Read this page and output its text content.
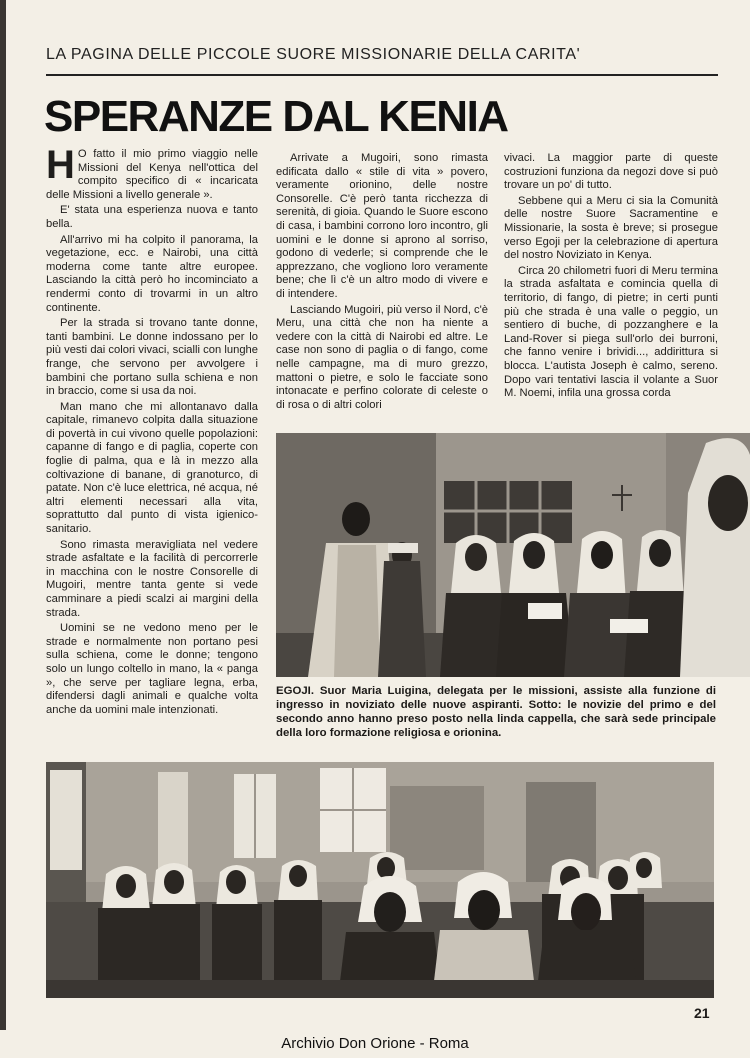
LA PAGINA DELLE PICCOLE SUORE MISSIONARIE DELLA CARITA'
SPERANZE DAL KENIA

H O fatto il mio primo viaggio nelle Missioni del Kenya nell'ottica del compito specifico di « incaricata delle Missioni a livello generale ».

E' stata una esperienza nuova e tanto bella.

All'arrivo mi ha colpito il panorama, la vegetazione, ecc. e Nairobi, una città moderna come tante altre europee. Lasciando la città però ho incominciato a rendermi conto di trovarmi in un altro continente.

Per la strada si trovano tante donne, tanti bambini. Le donne indossano per lo più vesti dai colori vivaci, scialli con lunghe frange, che servono per avvolgere i bambini che portano sulla schiena e non in braccio, come si usa da noi.

Man mano che mi allontanavo dalla capitale, rimanevo colpita dalla situazione di povertà in cui vivono quelle popolazioni: capanne di fango e di paglia, coperte con foglie di palma, qua e là in mezzo alla coltivazione di banane, di granoturco, di patate. Non c'è luce elettrica, né acqua, né altri elementi necessari alla vita, soprattutto dal punto di vista igienico-sanitario.

Sono rimasta meravigliata nel vedere strade asfaltate e la facilità di percorrerle in macchina con le nostre Consorelle di Mugoiri, mentre tanta gente si vede camminare a piedi scalzi ai margini della strada.

Uomini se ne vedono meno per le strade e normalmente non portano pesi sulla schiena, come le donne; tengono solo un lungo coltello in mano, la « panga », che serve per tagliare legna, erba, difendersi dagli animali e qualche volta anche da uomini male intenzionati.

Arrivate a Mugoiri, sono rimasta edificata dallo « stile di vita » povero, veramente orionino, delle nostre Consorelle. C'è però tanta ricchezza di serenità, di gioia. Quando le Suore escono di casa, i bambini corrono loro incontro, gli uomini e le donne si aprono al sorriso, godono di vederle; si comprende che le apprezzano, che vogliono loro veramente bene; che lì c'è un altro modo di vivere e di intendere.

Lasciando Mugoiri, più verso il Nord, c'è Meru, una città che non ha niente a vedere con la città di Nairobi ed altre. Le case non sono di paglia o di fango, come nelle campagne, ma di muro grezzo, mattoni o pietre, e solo le facciate sono intonacate e perfino colorate di celeste o di rosa o di altri colori

vivaci. La maggior parte di queste costruzioni funziona da negozi dove si può trovare un po' di tutto.

Sebbene qui a Meru ci sia la Comunità delle nostre Suore Sacramentine e Missionarie, la sosta è breve; si prosegue verso Egoji per la celebrazione di apertura del nostro Noviziato in Kenya.

Circa 20 chilometri fuori di Meru termina la strada asfaltata e comincia quella di territorio, di fango, di pietre; in certi punti più che strada è una valle o peggio, un sentiero di buche, di pozzanghere e la Land-Rover si piega sull'orlo dei burroni, che fanno venire i brividi..., addirittura si blocca. L'autista Joseph è calmo, sereno. Dopo vari tentativi lascia il volante a Suor M. Noemi, infila una grossa corda

EGOJI. Suor Maria Luigina, delegata per le missioni, assiste alla funzione di ingresso in noviziato delle nuove aspiranti. Sotto: le novizie del primo e del secondo anno hanno preso posto nella linda cappella, che sarà sede principale della loro formazione religiosa e orionina.
21
Archivio Don Orione - Roma
